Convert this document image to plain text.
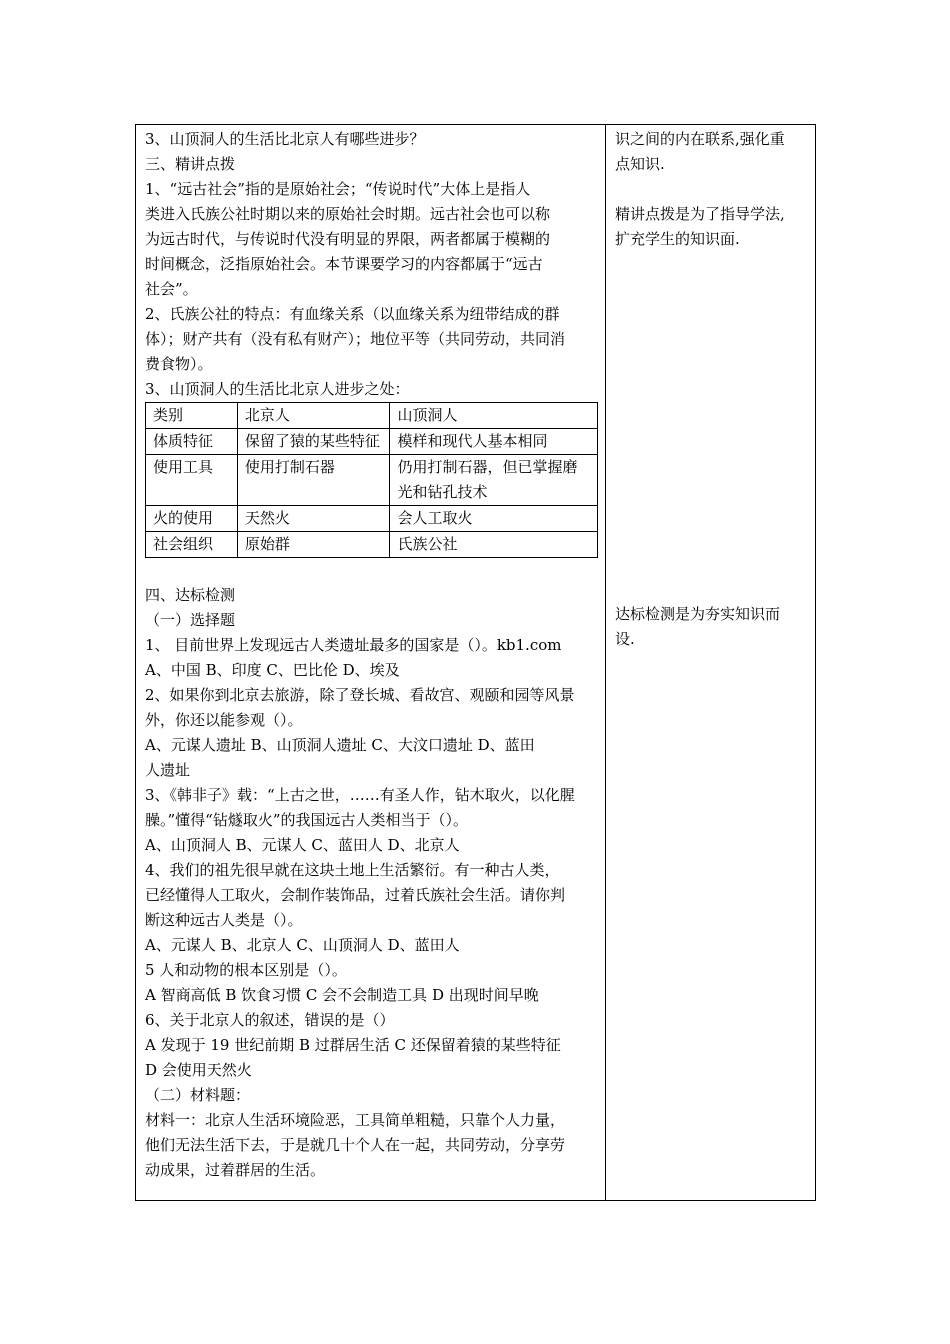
3、山顶洞人的生活比北京人有哪些进步？
三、精讲点拨
1、“远古社会”指的是原始社会；“传说时代”大体上是指人
类进入氏族公社时期以来的原始社会时期。远古社会也可以称
为远古时代，与传说时代没有明显的界限，两者都属于模糊的
时间概念，泛指原始社会。本节课要学习的内容都属于“远古
社会”。
2、氏族公社的特点：有血缘关系（以血缘关系为纽带结成的群
体）；财产共有（没有私有财产）；地位平等（共同劳动，共同消
费食物）。
3、山顶洞人的生活比北京人进步之处：
类别	北京人	山顶洞人
体质特征	保留了猿的某些特征	模样和现代人基本相同
使用工具	使用打制石器	仍用打制石器，但已掌握磨光和钻孔技术
火的使用	天然火	会人工取火
社会组织	原始群	氏族公社
四、达标检测
（一）选择题
1、 目前世界上发现远古人类遗址最多的国家是（）。kb1.com
A、中国 B、印度 C、巴比伦 D、埃及
2、如果你到北京去旅游，除了登长城、看故宫、观颐和园等风景
外，你还以能参观（）。
A、元谋人遗址 B、山顶洞人遗址 C、大汶口遗址 D、蓝田
人遗址
3、《韩非子》载：“上古之世，……有圣人作，钻木取火，以化腥
臊。”懂得“钻燧取火”的我国远古人类相当于（）。
A、山顶洞人 B、元谋人 C、蓝田人 D、北京人
4、我们的祖先很早就在这块土地上生活繁衍。有一种古人类，
已经懂得人工取火，会制作装饰品，过着氏族社会生活。请你判
断这种远古人类是（）。
A、元谋人 B、北京人 C、山顶洞人 D、蓝田人
5 人和动物的根本区别是（）。
A 智商高低 B 饮食习惯 C 会不会制造工具 D 出现时间早晚
6、关于北京人的叙述，错误的是（）
A 发现于 19 世纪前期 B 过群居生活 C 还保留着猿的某些特征
D 会使用天然火
（二）材料题：
材料一：北京人生活环境险恶，工具简单粗糙，只靠个人力量，
他们无法生活下去，于是就几十个人在一起，共同劳动，分享劳
动成果，过着群居的生活。
识之间的内在联系,强化重
点知识.
精讲点拨是为了指导学法,
扩充学生的知识面.
达标检测是为夯实知识而
设.
